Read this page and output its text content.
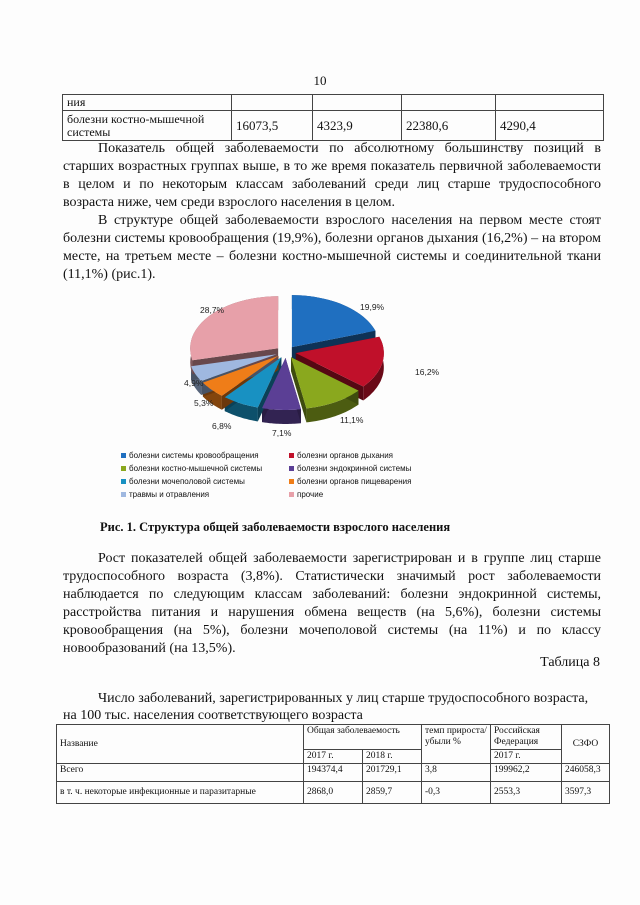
10
ния				
болезни костно-мышечной системы	16073,5	4323,9	22380,6	4290,4
Показатель общей заболеваемости по абсолютному большинству позиций в старших возрастных группах выше, в то же время показатель первичной заболеваемости в целом и по некоторым классам заболеваний среди лиц старше трудоспособного возраста ниже, чем среди взрослого населения в целом.
В структуре общей заболеваемости взрослого населения на первом месте стоят болезни системы кровообращения (19,9%), болезни органов дыхания (16,2%) – на втором месте, на третьем месте – болезни костно-мышечной системы и соединительной ткани (11,1%) (рис.1).
19,9%
16,2%
11,1%
7,1%
6,8%
5,3%
4,9%
28,7%
болезни системы кровообращения	болезни органов дыхания
болезни костно-мышечной системы	болезни эндокринной системы
болезни мочеполовой системы	болезни органов пищеварения
травмы и отравления	прочие
Рис. 1. Структура общей заболеваемости взрослого населения
Рост показателей общей заболеваемости зарегистрирован и в группе лиц старше трудоспособного возраста (3,8%). Статистически значимый рост заболеваемости наблюдается по следующим классам заболеваний: болезни эндокринной системы, расстройства питания и нарушения обмена веществ (на 5,6%), болезни системы кровообращения (на 5%), болезни мочеполовой системы (на 11%) и по классу новообразований (на 13,5%).
Таблица 8
Число заболеваний, зарегистрированных у лиц старше трудоспособного возраста, на 100 тыс. населения соответствующего возраста
Название	Общая заболеваемость		темп прироста/ убыли %	Российская Федерация	СЗФО
	2017 г.	2018 г.		2017 г.	
Всего	194374,4	201729,1	3,8	199962,2	246058,3
в т. ч. некоторые инфекционные и паразитарные	2868,0	2859,7	-0,3	2553,3	3597,3
